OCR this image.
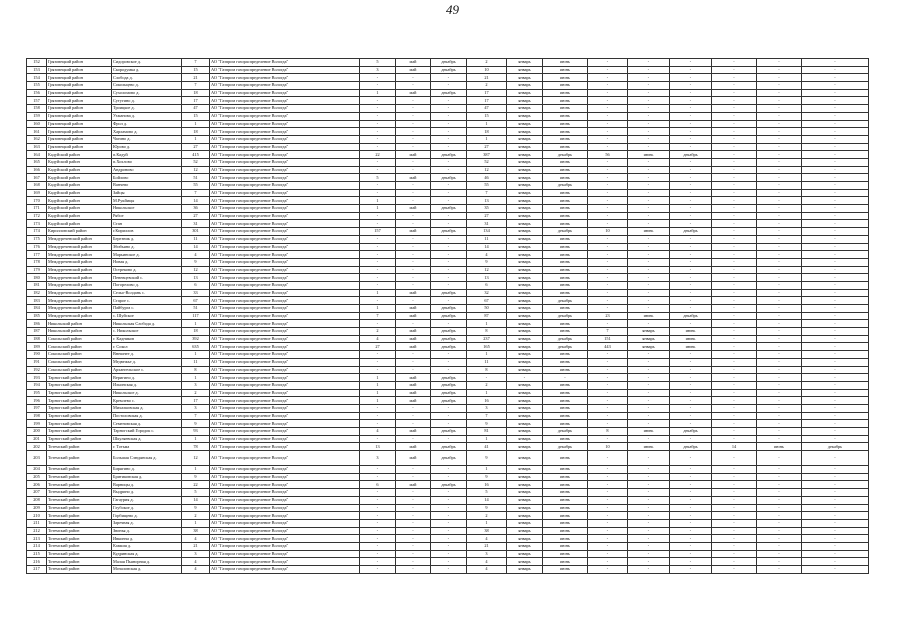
49
152	Грязовецкий район	Сидоровское д.	7	АО "Газпром газораспределение Вологда"	5	май	декабрь	2	январь	июнь	-	-	-	-	-	-
153	Грязовецкий район	Скородумка д.	15	АО "Газпром газораспределение Вологда"	3	май	декабрь	10	январь	июнь	-	-	-	-	-	-
154	Грязовецкий район	Слобода д.	21	АО "Газпром газораспределение Вологда"	-	-	-	21	январь	июнь	-	-	-	-	-	-
155	Грязовецкий район	Сокольцево д.	7	АО "Газпром газораспределение Вологда"	-	-	-	2	январь	июнь	-	-	-	-	-	-
156	Грязовецкий район	Сухоломово д.	18	АО "Газпром газораспределение Вологда"	1	май	декабрь	17	январь	июнь	-	-	-	-	-	-
157	Грязовецкий район	Сутугино д.	17	АО "Газпром газораспределение Вологда"	-	-	-	17	январь	июнь	-	-	-	-	-	-
158	Грязовецкий район	Троицкое д.	47	АО "Газпром газораспределение Вологда"	-	-	-	47	январь	июнь	-	-	-	-	-	-
159	Грязовецкий район	Ухманова д.	15	АО "Газпром газораспределение Вологда"	-	-	-	15	январь	июнь	-	-	-	-	-	-
160	Грязовецкий район	Фрол д.	1	АО "Газпром газораспределение Вологда"	-	-	-	1	январь	июнь	-	-	-	-	-	-
161	Грязовецкий район	Харламово д.	18	АО "Газпром газораспределение Вологда"	-	-	-	18	январь	июнь	-	-	-	-	-	-
162	Грязовецкий район	Чагино д.	1	АО "Газпром газораспределение Вологда"	-	-	-	1	январь	июнь	-	-	-	-	-	-
163	Грязовецкий район	Юрово д.	27	АО "Газпром газораспределение Вологда"	-	-	-	27	январь	июнь	-	-	-	-	-	-
164	Кадуйский район	п.Кадуй	415	АО "Газпром газораспределение Вологда"	22	май	декабрь	387	январь	декабрь	56	июнь	декабрь	-	-	-
165	Кадуйский район	п.Хохлово	52	АО "Газпром газораспределение Вологда"	-	-	-	52	январь	июнь	-	-	-	-	-	-
166	Кадуйский район	Андроново	12	АО "Газпром газораспределение Вологда"	-	-	-	12	январь	июнь	-	-	-	-	-	-
167	Кадуйский район	Бойлово	51	АО "Газпром газораспределение Вологда"	5	май	декабрь	46	январь	июнь	-	-	-	-	-	-
168	Кадуйский район	Ванчево	55	АО "Газпром газораспределение Вологда"	-	-	-	55	январь	декабрь	-	-	-	-	-	-
169	Кадуйский район	Зайцы	7	АО "Газпром газораспределение Вологда"	-	-	-	7	январь	июнь	-	-	-	-	-	-
170	Кадуйский район	М.Рукйицы	14	АО "Газпром газораспределение Вологда"	1	-	-	13	январь	июнь	-	-	-	-	-	-
171	Кадуйский район	Никольское	36	АО "Газпром газораспределение Вологда"	1	май	декабрь	35	январь	июнь	-	-	-	-	-	-
172	Кадуйский район	Рябое	27	АО "Газпром газораспределение Вологда"	-	-	-	27	январь	июнь	-	-	-	-	-	-
173	Кадуйский район	Стан	31	АО "Газпром газораспределение Вологда"	-	-	-	31	январь	июнь	-	-	-	-	-	-
174	Кирилловский район	г.Кириллов	301	АО "Газпром газораспределение Вологда"	157	май	декабрь	134	январь	декабрь	10	июнь	декабрь	-	-	-
175	Междуреченский район	Березник д.	11	АО "Газпром газораспределение Вологда"	-	-	-	11	январь	июнь	-	-	-	-	-	-
176	Междуреченский район	Збибьяно д.	14	АО "Газпром газораспределение Вологда"	-	-	-	14	январь	июнь	-	-	-	-	-	-
177	Междуреченский район	Марьинское д.	4	АО "Газпром газораспределение Вологда"	-	-	-	4	январь	июнь	-	-	-	-	-	-
178	Междуреченский район	Новая д.	9	АО "Газпром газораспределение Вологда"	-	-	-	9	январь	июнь	-	-	-	-	-	-
179	Междуреченский район	Остреково д.	12	АО "Газпром газораспределение Вологда"	-	-	-	12	январь	июнь	-	-	-	-	-	-
180	Междуреченский район	Пеневцевский с.	13	АО "Газпром газораспределение Вологда"	-	-	-	13	январь	июнь	-	-	-	-	-	-
181	Междуреченский район	Погорелово д.	6	АО "Газпром газораспределение Вологда"	-	-	-	6	январь	июнь	-	-	-	-	-	-
182	Междуреченский район	Сельо-Волдань с.	33	АО "Газпром газораспределение Вологда"	1	май	декабрь	32	январь	июнь	-	-	-	-	-	-
183	Междуреченский район	Старое с.	67	АО "Газпром газораспределение Вологда"	-	-	-	67	январь	декабрь	-	-	-	-	-	-
184	Междуреченский район	Пайбурга с.	51	АО "Газпром газораспределение Вологда"	1	май	декабрь	50	январь	июнь	-	-	-	-	-	-
185	Междуреченский район	с. Шуйское	117	АО "Газпром газораспределение Вологда"	7	май	декабрь	87	январь	декабрь	23	июнь	декабрь	-	-	-
186	Никольский район	Никольская Слобода д.	1	АО "Газпром газораспределение Вологда"	-	-	-	1	январь	июнь	-	-	-	-	-	-
187	Никольский район	с. Никольское	18	АО "Газпром газораспределение Вологда"	2	май	декабрь	8	январь	июнь	7	январь	июнь	-	-	-
188	Сокольский район	г. Кадников	392	АО "Газпром газораспределение Вологда"	4	май	декабрь	237	январь	декабрь	151	январь	июнь	-	-	-
189	Сокольский район	г. Сокол	635	АО "Газпром газораспределение Вологда"	27	май	декабрь	165	январь	декабрь	443	январь	июнь	-	-	-
190	Сокольский район	Внешнее д.	1	АО "Газпром газораспределение Вологда"	-	-	-	1	январь	июнь	-	-	-	-	-	-
191	Сокольский район	Медвежье д.	11	АО "Газпром газораспределение Вологда"	-	-	-	11	январь	июнь	-	-	-	-	-	-
192	Сокольский район	Архангельское с.	8	АО "Газпром газораспределение Вологда"	-	-	-	8	январь	июнь	-	-	-	-	-	-
193	Тарногский район	Веригино д.	1	АО "Газпром газораспределение Вологда"	1	май	декабрь	-	-	-	-	-	-	-	-	-
194	Тарногский район	Ильинская д.	3	АО "Газпром газораспределение Вологда"	1	май	декабрь	2	январь	июнь	-	-	-	-	-	-
195	Тарногский район	Никольское д.	2	АО "Газпром газораспределение Вологда"	1	май	декабрь	1	январь	июнь	-	-	-	-	-	-
196	Тарногский район	Кремлево с.	17	АО "Газпром газораспределение Вологда"	1	май	декабрь	16	январь	июнь	-	-	-	-	-	-
197	Тарногский район	Михалковская д.	3	АО "Газпром газораспределение Вологда"	-	-	-	3	январь	июнь	-	-	-	-	-	-
198	Тарногский район	Постоловская д.	7	АО "Газпром газораспределение Вологда"	-	-	-	7	январь	июнь	-	-	-	-	-	-
199	Тарногский район	Семеновская д.	9	АО "Газпром газораспределение Вологда"	-	-	-	9	январь	июнь	-	-	-	-	-	-
200	Тарногский район	Тарногский Городок с.	93	АО "Газпром газораспределение Вологда"	4	май	декабрь	81	январь	декабрь	8	июнь	декабрь	-	-	-
201	Тарногский район	Шкуляевская д.	1	АО "Газпром газораспределение Вологда"	-	-	-	1	январь	июнь	-	-	-	-	-	-
202	Тотемский район	г. Тотьма	78	АО "Газпром газораспределение Вологда"	13	май	декабрь	41	январь	декабрь	10	июнь	декабрь	14	июнь	декабрь
203	Тотемский район	Большая Слюдянская д.	12	АО "Газпром газораспределение Вологда"	3	май	декабрь	9	январь	июнь	-	-	-	-	-	-
204	Тотемский район	Бирягино д.	1	АО "Газпром газораспределение Вологда"	-	-	-	1	январь	июнь	-	-	-	-	-	-
205	Тотемский район	Бритиковская д.	9	АО "Газпром газораспределение Вологда"	-	-	-	9	январь	июнь	-	-	-	-	-	-
206	Тотемский район	Варницы д.	22	АО "Газпром газораспределение Вологда"	6	май	декабрь	16	январь	июнь	-	-	-	-	-	-
207	Тотемский район	Выдрино д.	5	АО "Газпром газораспределение Вологда"	-	-	-	5	январь	июнь	-	-	-	-	-	-
208	Тотемский район	Гагаурия д.	14	АО "Газпром газораспределение Вологда"	-	-	-	14	январь	июнь	-	-	-	-	-	-
209	Тотемский район	Глубокое д.	9	АО "Газпром газораспределение Вологда"	-	-	-	9	январь	июнь	-	-	-	-	-	-
210	Тотемский район	Горбищево д.	2	АО "Газпром газораспределение Вологда"	-	-	-	2	январь	июнь	-	-	-	-	-	-
211	Тотемский район	Заречная д.	1	АО "Газпром газораспределение Вологда"	-	-	-	1	январь	июнь	-	-	-	-	-	-
212	Тотемский район	Звонья д.	38	АО "Газпром газораспределение Вологда"	-	-	-	38	январь	июнь	-	-	-	-	-	-
213	Тотемский район	Ивкинча д.	4	АО "Газпром газораспределение Вологда"	-	-	-	4	январь	июнь	-	-	-	-	-	-
214	Тотемский район	Камкия д.	21	АО "Газпром газораспределение Вологда"	-	-	-	21	январь	июнь	-	-	-	-	-	-
215	Тотемский район	Кудринская д.	3	АО "Газпром газораспределение Вологда"	-	-	-	3	январь	июнь	-	-	-	-	-	-
216	Тотемский район	Малая Пьянорная д.	4	АО "Газпром газораспределение Вологда"	-	-	-	4	январь	июнь	-	-	-	-	-	-
217	Тотемский район	Мочаловская д.	4	АО "Газпром газораспределение Вологда"	-	-	-	4	январь	июнь	-	-	-	-	-	-
